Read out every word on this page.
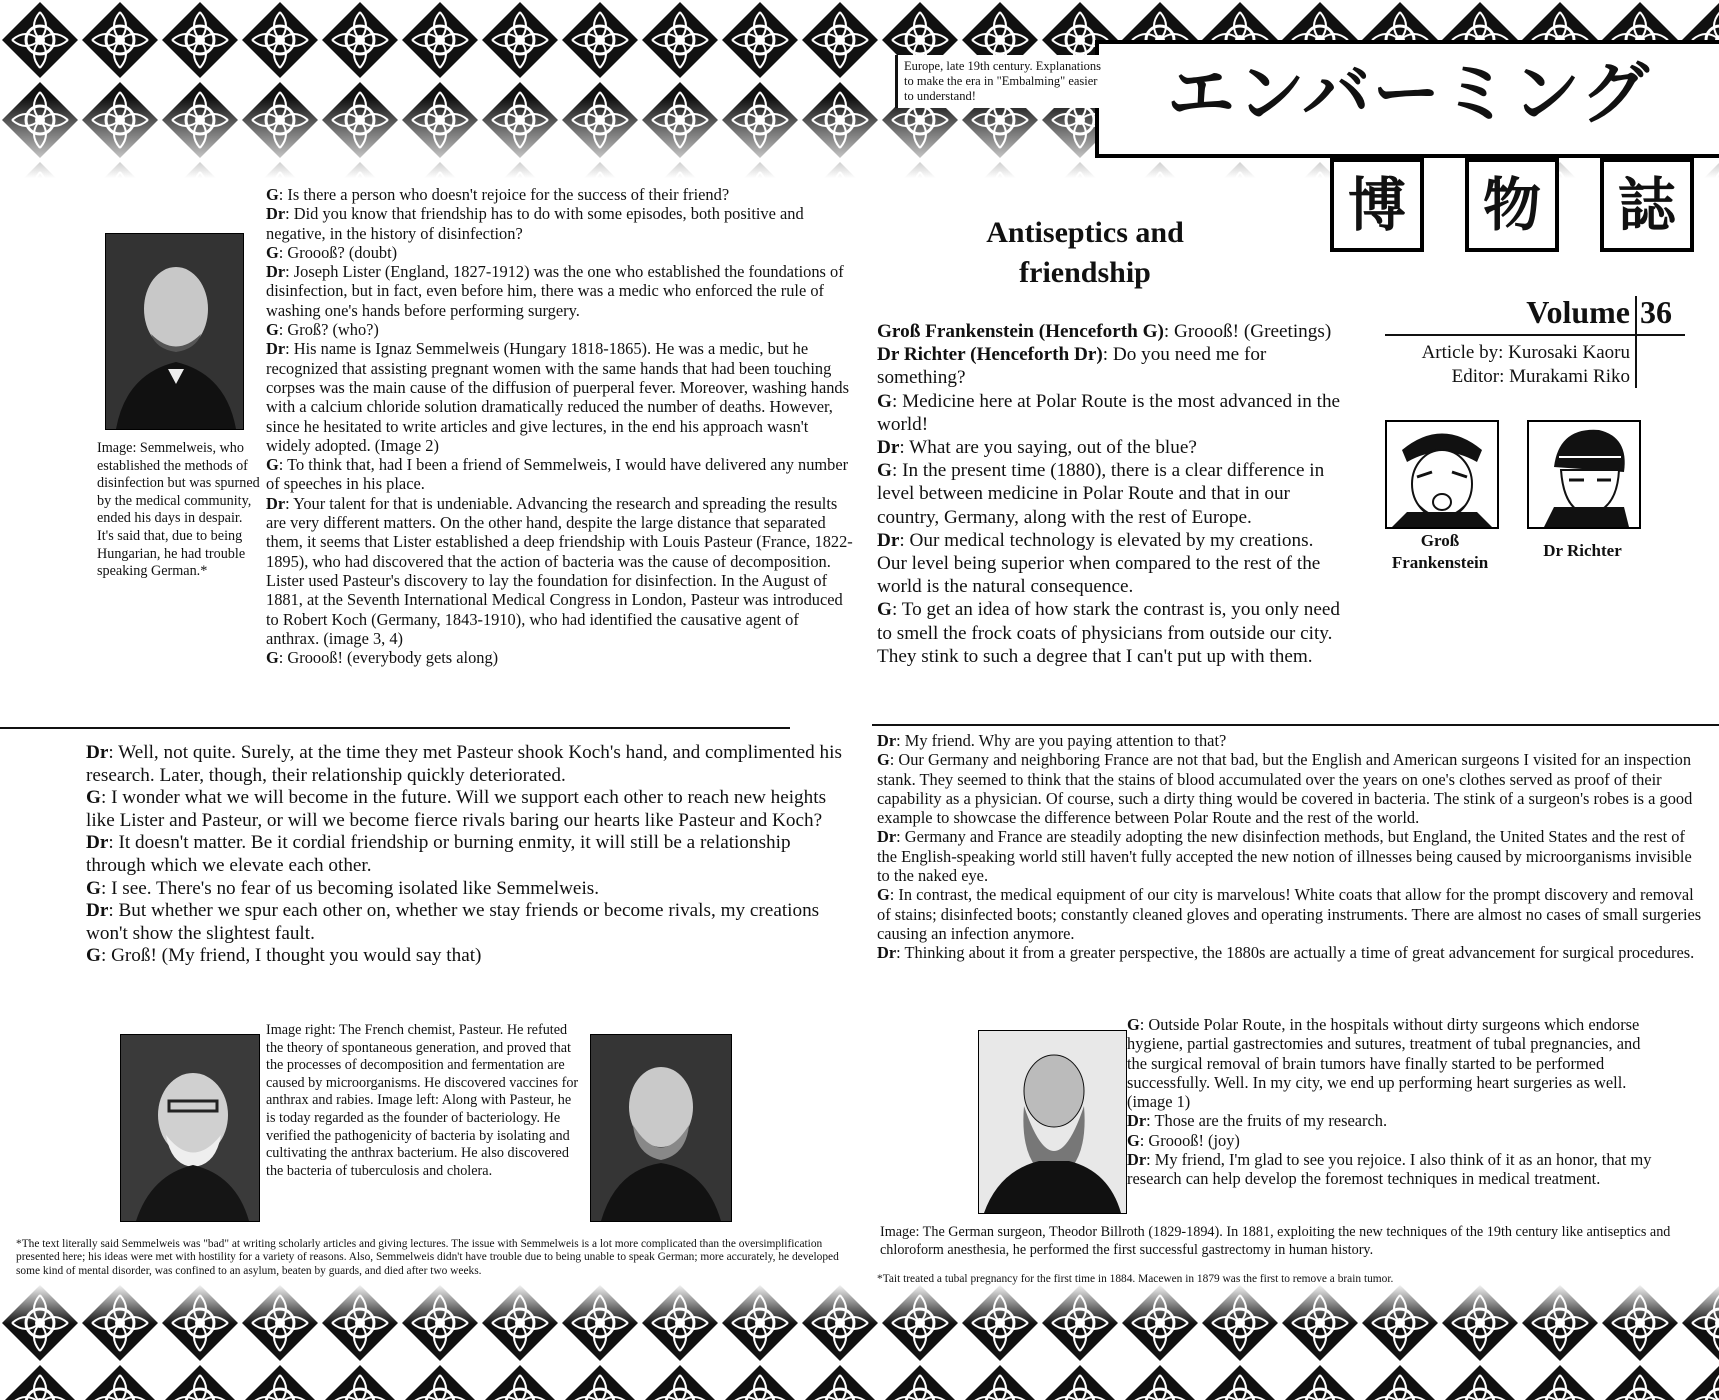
エンバーミング
博	物	誌
Europe, late 19th century. Explanations to make the era in "Embalming" easier to understand!
Antiseptics and
friendship
Volume 36
Article by: Kurosaki Kaoru
Editor: Murakami Riko
Groß
Frankenstein
Dr Richter

Groß Frankenstein (Henceforth G): Groooß! (Greetings)

Dr Richter (Henceforth Dr): Do you need me for something?

G: Medicine here at Polar Route is the most advanced in the world!

Dr: What are you saying, out of the blue?

G: In the present time (1880), there is a clear difference in level between medicine in Polar Route and that in our country, Germany, along with the rest of Europe.

Dr: Our medical technology is elevated by my creations. Our level being superior when compared to the rest of the world is the natural consequence.

G: To get an idea of how stark the contrast is, you only need to smell the frock coats of physicians from outside our city. They stink to such a degree that I can't put up with them.

Image: Semmelweis, who established the methods of disinfection but was spurned by the medical community, ended his days in despair. It's said that, due to being Hungarian, he had trouble speaking German.*

G: Is there a person who doesn't rejoice for the success of their friend?

Dr: Did you know that friendship has to do with some episodes, both positive and negative, in the history of disinfection?

G: Groooß? (doubt)

Dr: Joseph Lister (England, 1827-1912) was the one who established the foundations of disinfection, but in fact, even before him, there was a medic who enforced the rule of washing one's hands before performing surgery.

G: Groß? (who?)

Dr: His name is Ignaz Semmelweis (Hungary 1818-1865). He was a medic, but he recognized that assisting pregnant women with the same hands that had been touching corpses was the main cause of the diffusion of puerperal fever. Moreover, washing hands with a calcium chloride solution dramatically reduced the number of deaths. However, since he hesitated to write articles and give lectures, in the end his approach wasn't widely adopted. (Image 2)

G: To think that, had I been a friend of Semmelweis, I would have delivered any number of speeches in his place.

Dr: Your talent for that is undeniable. Advancing the research and spreading the results are very different matters. On the other hand, despite the large distance that separated them, it seems that Lister established a deep friendship with Louis Pasteur (France, 1822-1895), who had discovered that the action of bacteria was the cause of decomposition. Lister used Pasteur's discovery to lay the foundation for disinfection. In the August of 1881, at the Seventh International Medical Congress in London, Pasteur was introduced to Robert Koch (Germany, 1843-1910), who had identified the causative agent of anthrax. (image 3, 4)

G: Groooß! (everybody gets along)

Dr: Well, not quite. Surely, at the time they met Pasteur shook Koch's hand, and complimented his research. Later, though, their relationship quickly deteriorated.

G: I wonder what we will become in the future. Will we support each other to reach new heights like Lister and Pasteur, or will we become fierce rivals baring our hearts like Pasteur and Koch?

Dr: It doesn't matter. Be it cordial friendship or burning enmity, it will still be a relationship through which we elevate each other.

G: I see. There's no fear of us becoming isolated like Semmelweis.

Dr: But whether we spur each other on, whether we stay friends or become rivals, my creations won't show the slightest fault.

G: Groß! (My friend, I thought you would say that)

Image right: The French chemist, Pasteur. He refuted the theory of spontaneous generation, and proved that the processes of decomposition and fermentation are caused by microorganisms. He discovered vaccines for anthrax and rabies. Image left: Along with Pasteur, he is today regarded as the founder of bacteriology. He verified the pathogenicity of bacteria by isolating and cultivating the anthrax bacterium. He also discovered the bacteria of tuberculosis and cholera.
*The text literally said Semmelweis was "bad" at writing scholarly articles and giving lectures. The issue with Semmelweis is a lot more complicated than the oversimplification presented here; his ideas were met with hostility for a variety of reasons. Also, Semmelweis didn't have trouble due to being unable to speak German; more accurately, he developed some kind of mental disorder, was confined to an asylum, beaten by guards, and died after two weeks.

Dr: My friend. Why are you paying attention to that?

G: Our Germany and neighboring France are not that bad, but the English and American surgeons I visited for an inspection stank. They seemed to think that the stains of blood accumulated over the years on one's clothes served as proof of their capability as a physician. Of course, such a dirty thing would be covered in bacteria. The stink of a surgeon's robes is a good example to showcase the difference between Polar Route and the rest of the world.

Dr: Germany and France are steadily adopting the new disinfection methods, but England, the United States and the rest of the English-speaking world still haven't fully accepted the new notion of illnesses being caused by microorganisms invisible to the naked eye.

G: In contrast, the medical equipment of our city is marvelous! White coats that allow for the prompt discovery and removal of stains; disinfected boots; constantly cleaned gloves and operating instruments. There are almost no cases of small surgeries causing an infection anymore.

Dr: Thinking about it from a greater perspective, the 1880s are actually a time of great advancement for surgical procedures.

G: Outside Polar Route, in the hospitals without dirty surgeons which endorse hygiene, partial gastrectomies and sutures, treatment of tubal pregnancies, and the surgical removal of brain tumors have finally started to be performed successfully. Well. In my city, we end up performing heart surgeries as well. (image 1)

Dr: Those are the fruits of my research.

G: Groooß! (joy)

Dr: My friend, I'm glad to see you rejoice. I also think of it as an honor, that my research can help develop the foremost techniques in medical treatment.

Image: The German surgeon, Theodor Billroth (1829-1894). In 1881, exploiting the new techniques of the 19th century like antiseptics and chloroform anesthesia, he performed the first successful gastrectomy in human history.
*Tait treated a tubal pregnancy for the first time in 1884. Macewen in 1879 was the first to remove a brain tumor.
